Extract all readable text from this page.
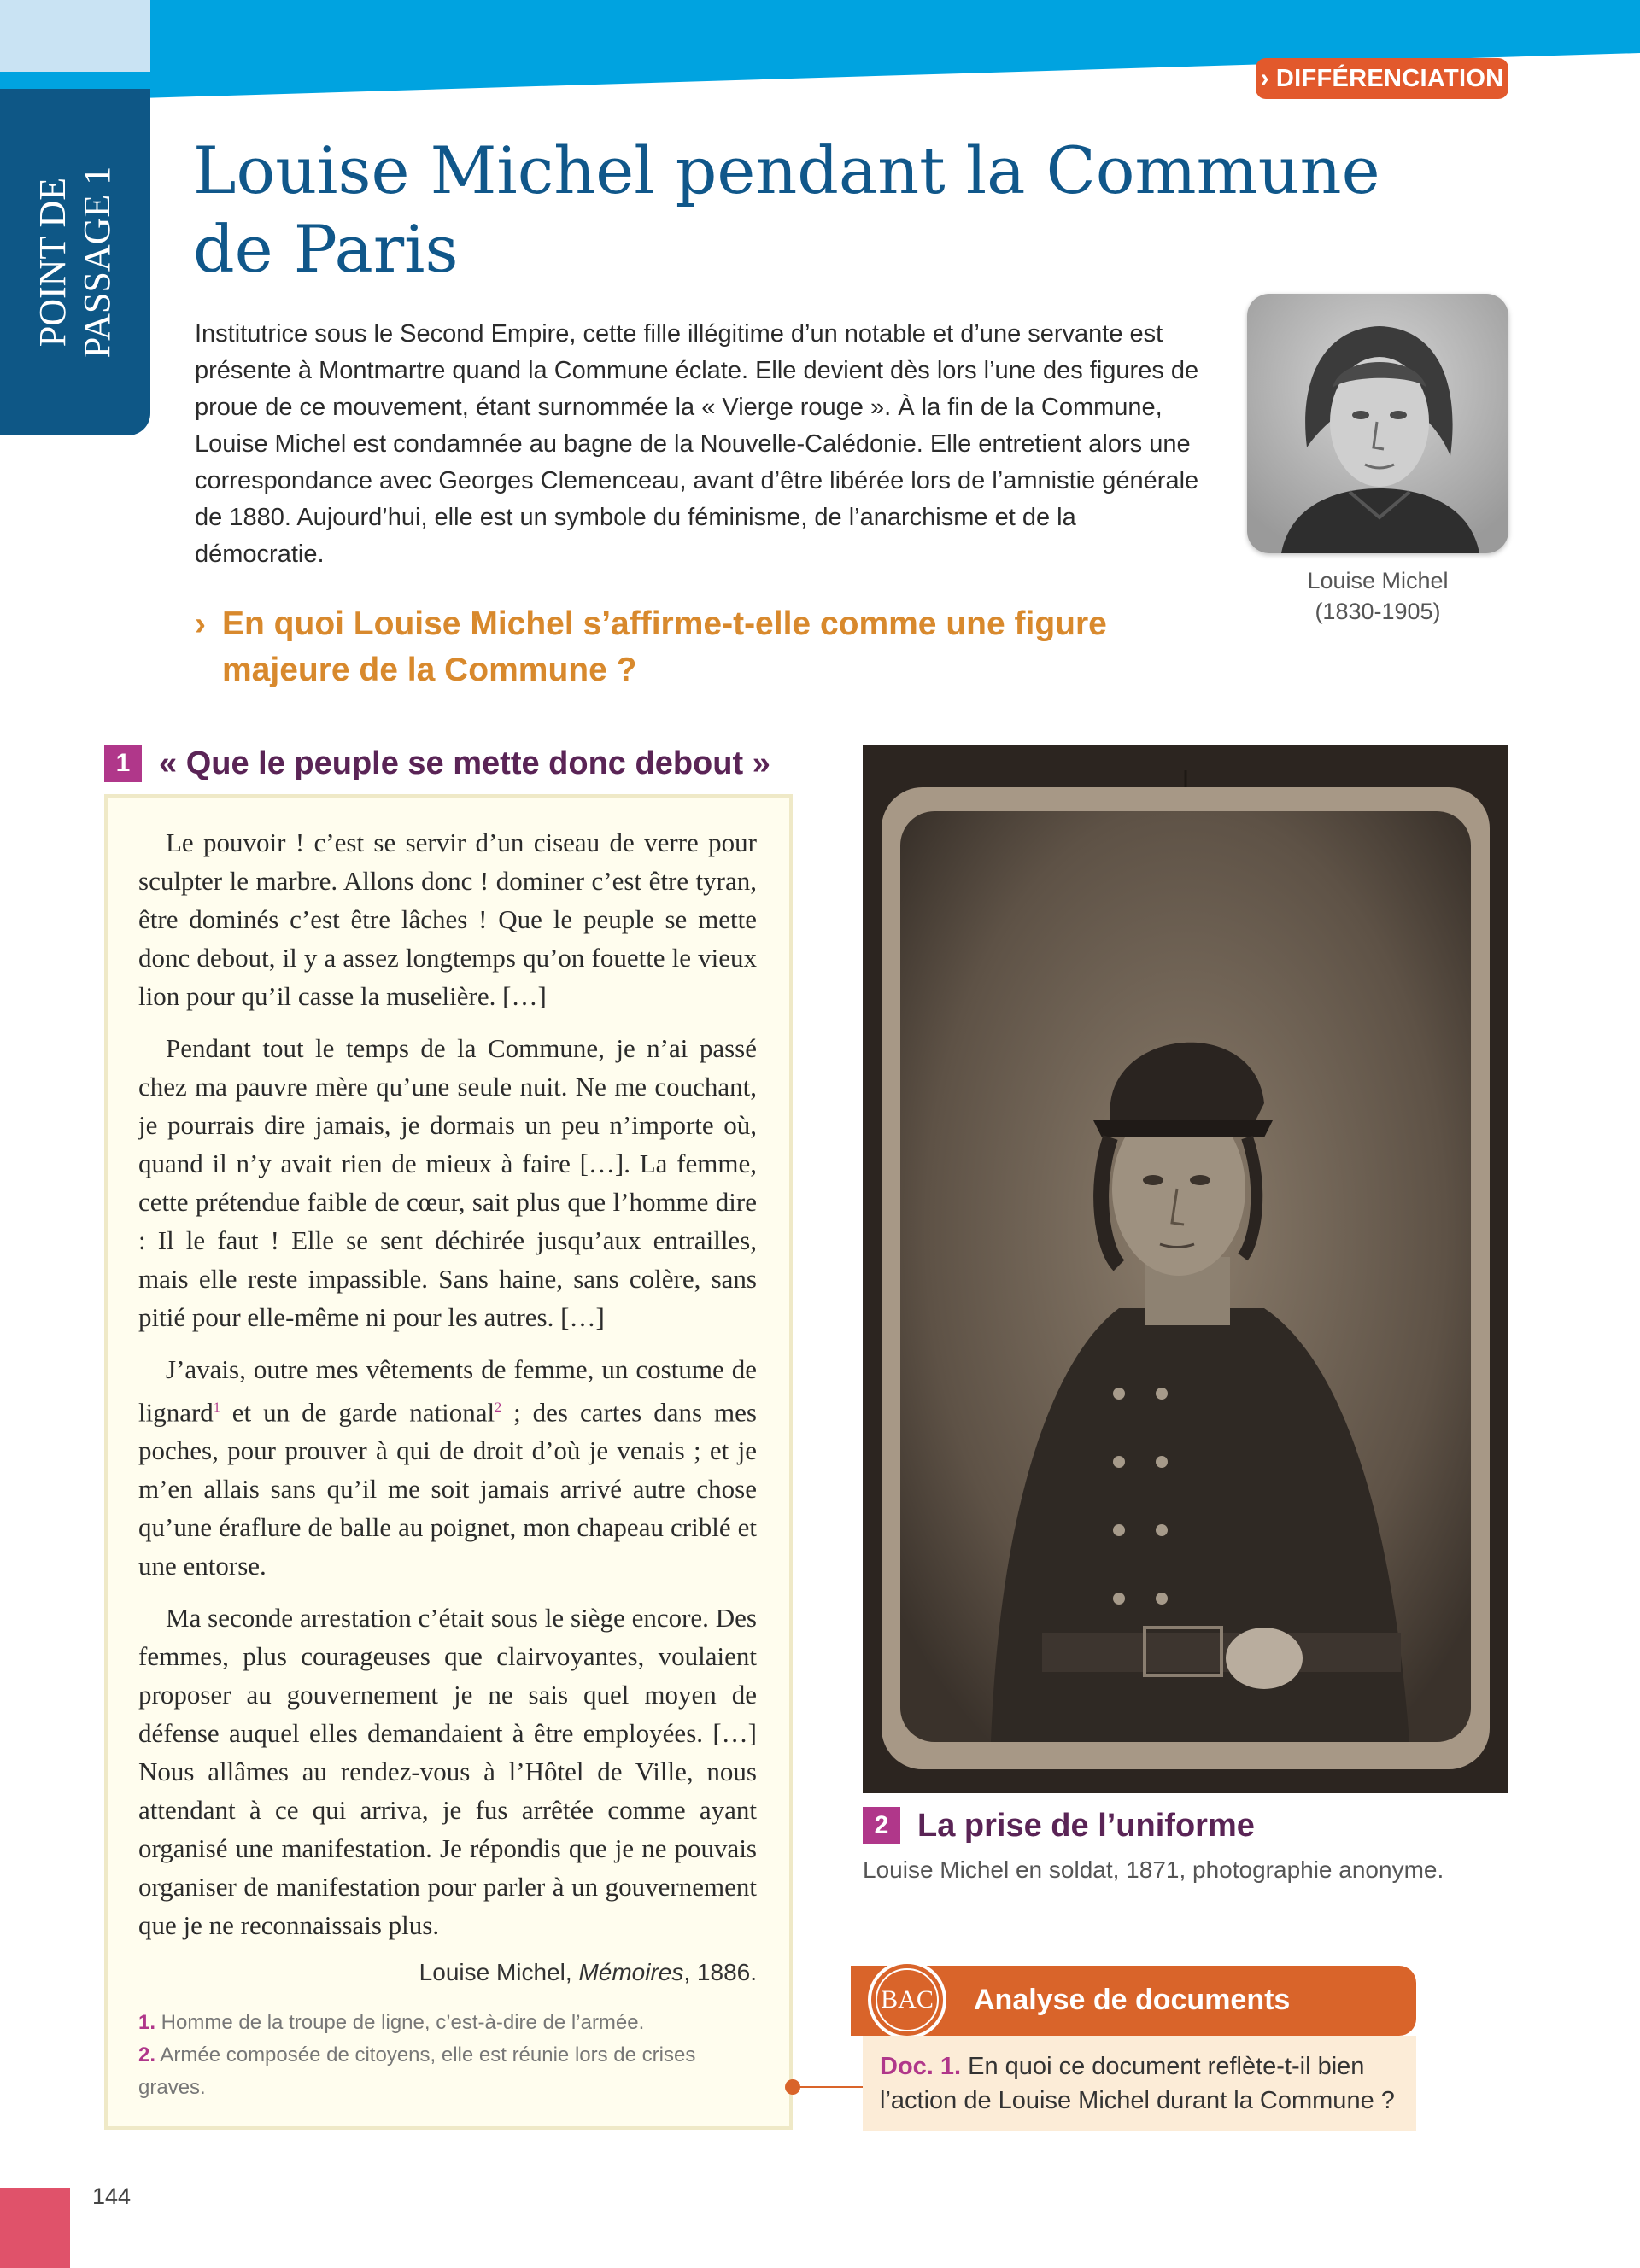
› DIFFÉRENCIATION
POINT DE PASSAGE 1 Louise Michel pendant la Commune
de Paris

Institutrice sous le Second Empire, cette fille illégitime d’un notable et d’une servante est présente à Montmartre quand la Commune éclate. Elle devient dès lors l’une des figures de proue de ce mouvement, étant surnommée la « Vierge rouge ». À la fin de la Commune, Louise Michel est condamnée au bagne de la Nouvelle-Calédonie. Elle entretient alors une correspondance avec Georges Clemenceau, avant d’être libérée lors de l’amnistie générale de 1880. Aujourd’hui, elle est un symbole du féminisme, de l’anarchisme et de la démocratie.

› En quoi Louise Michel s’affirme-t-elle comme une figure majeure de la Commune ?
Louise Michel
(1830-1905)
1 « Que le peuple se mette donc debout »

Le pouvoir ! c’est se servir d’un ciseau de verre pour sculpter le marbre. Allons donc ! dominer c’est être tyran, être dominés c’est être lâches ! Que le peuple se mette donc debout, il y a assez longtemps qu’on fouette le vieux lion pour qu’il casse la muselière. […]

Pendant tout le temps de la Commune, je n’ai passé chez ma pauvre mère qu’une seule nuit. Ne me couchant, je pourrais dire jamais, je dormais un peu n’importe où, quand il n’y avait rien de mieux à faire […]. La femme, cette prétendue faible de cœur, sait plus que l’homme dire : Il le faut ! Elle se sent déchirée jusqu’aux entrailles, mais elle reste impassible. Sans haine, sans colère, sans pitié pour elle-même ni pour les autres. […]

J’avais, outre mes vêtements de femme, un costume de lignard$^1$ et un de garde national$^2$ ; des cartes dans mes poches, pour prouver à qui de droit d’où je venais ; et je m’en allais sans qu’il me soit jamais arrivé autre chose qu’une éraflure de balle au poignet, mon chapeau criblé et une entorse.

Ma seconde arrestation c’était sous le siège encore. Des femmes, plus courageuses que clairvoyantes, voulaient proposer au gouvernement je ne sais quel moyen de défense auquel elles demandaient à être employées. […] Nous allâmes au rendez-vous à l’Hôtel de Ville, nous attendant à ce qui arriva, je fus arrêtée comme ayant organisé une manifestation. Je répondis que je ne pouvais organiser de manifestation pour parler à un gouvernement que je ne reconnaissais plus.

Louise Michel, Mémoires, 1886.
1. Homme de la troupe de ligne, c’est-à-dire de l’armée.
2. Armée composée de citoyens, elle est réunie lors de crises graves.
2 La prise de l’uniforme
Louise Michel en soldat, 1871, photographie anonyme.
BAC Analyse de documents
Doc. 1. En quoi ce document reflète-t-il bien l’action de Louise Michel durant la Commune ?
144
